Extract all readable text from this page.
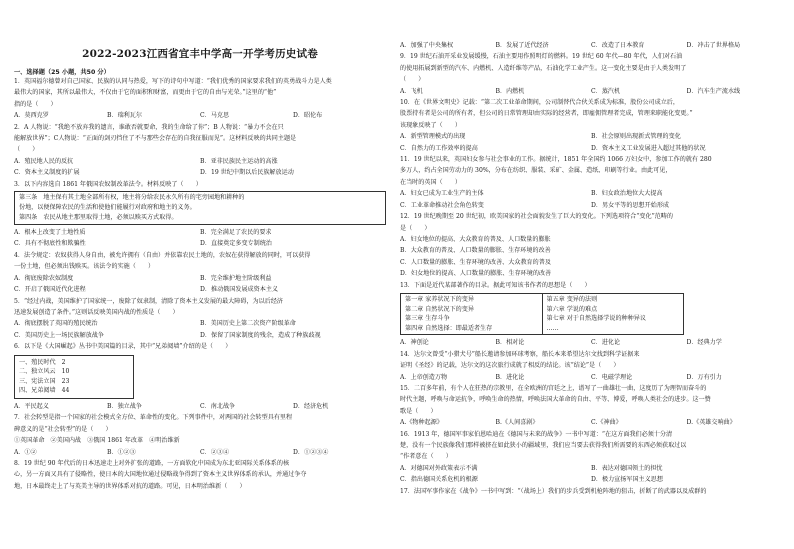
2022-2023江西省宜丰中学高一开学考历史试卷
一、选择题（25 小题，共50 分）
1．英国福尔德曾对自己国家、民族的认同与热爱，写下的诗句中写道：“我们优秀的国家要求我们的英勇战斗力是人类
最伟大的国家，其所以最伟大，不仅由于它的面积和财富，而更由于它的自由与光荣。”这里的“他”
指的是（　　）
A．莫西克罗	B．瑞利瓦尔	C．马克思	D．昭伦布
2．A 人物说：“我绝不放弃我的遗言，谁敢否就要命，我的生命给了你”；B 人物说：“暴力不会在只
能解放世界”；C人物说：“正面的剑刃挡住了不与那些会存在的自我征服而见”。这材料反映的共同主题是
（　　）
A．殖民地人民的反抗	B．亚非民族民主运动的高涨
C．资本主义制度的扩展	D．19 世纪中期以后民族解放运动
3．以下内容选自 1861 年俄国农奴制改革法令。材料反映了（　　）
第三条　地主保有其土地全部所有权，地主将分给农民永久所有的宅旁园地和耕种的
份地，以便保障农民的生活和使他们能履行对政府和地主的义务。
第四条　农民从地主那里取得土地，必须以赎买方式取得。
A．根本上改变了土地性质	B．完全满足了农民的要求
C．具有不彻底性和欺骗性	D．直接奠定多变专制统治
4．法令规定：农奴获得人身自由，被允许拥有（自由）并依靠农民土地的，农奴在获得解放的同时，可以获得
一份土地，但必须出钱赎买。该法令的实施（　　）
A．彻底废除农奴制度	B．完全维护地主阶级利益
C．开启了俄国近代化进程	D．推动俄国发展成资本主义
5．“经过内战，美国维护了国家统一，废除了奴隶制，清除了资本主义发展的最大障碍，为以后经济
迅速发展创造了条件。”这则话反映美国内战的性质是（　　）
A．彻底摆脱了英国的殖民统治	B．美国历史上第二次资产阶级革命
C．美国历史上一场民族解放战争	D．保留了国家制度的残余，造成了种族歧视
6．以下是《大国崛起》丛书中美国篇的目录，其中“兄弟阋墙”介绍的是（　　）
一、殖民时代　2
二、独立风云　10
三、宪法立国　23
四、兄弟阋墙　44
A．平民起义	B．独立战争	C．南北战争	D．经济危机
7．社会转型是指一个国家的社会模式全方位、革命性的变化。下列事件中，对两国的社会转型具有里程
碑意义的是“社会转型”的是（　　）
①英国革命　②美国内战　③俄国 1861 年改革　④明治维新
A．①②	B．①②③	C．②③④	D．①②③④
8．19 世纪 90 年代后的日本迅速走上对外扩张的道路，一方面软化中国成为东北亚国际关系体系的核
心，另一方面又具有了侵略性，使日本的大国地位通过侵略战争得到了资本主义世界体系的承认，并通过争夺
地，日本最终走上了与英美主导的世界体系对抗的道路。可见，日本明治维新（　　）
A．加强了中央集权	B．发展了近代经济	C．改造了日本教育	D．冲击了世界格局
9．19 世纪石油开采业发展缓慢，石油主要用作照明灯的燃料。19 世纪 60 年代—80 年代，人们对石油
的使用拓展到新型的汽车、内燃机、人造纤维等产品，石油化学工业产生。这一变化主要是由于人类发明了
（　　）
A．飞机	B．内燃机	C．蒸汽机	D．汽车生产流水线
10．在《世界文明史》记载：“第二次工业革命期间，公司制替代合伙关系成为标准，股份公司成立后，
股票持有者是公司的所有者，但公司的日常管理却由实际的经营者，即雇佣管理者完成，管理来职能化变更。”
该现象反映了（　　）
A．新型管理模式的出现	B．社会原则出现新式管理的变化
C．自然力的工作效率的提高	D．资本主义工业发展进入超过其他的状况
11．19 世纪以来，英国妇女参与社会事业的工作。据统计，1851 年全国约 1066 万妇女中，参加工作的就有 280
多万人，约占全国劳动力的 30%，分布在纺织、服装、采矿、金属、造纸、印刷等行业。由此可见，
在当时的英国（　　）
A．妇女已成为工业生产的主体	B．妇女政治地位大大提高
C．工业革命推动社会角色转变	D．男女平等的思想开始形成
12．19 世纪晚期至 20 世纪初，欧美国家的社会面貌发生了巨大的变化。下列选项符合“变化”范畴的
是（　　）
A．妇女地位的提高、大众教育的普及、人口数量的膨胀
B．大众教育的普及、人口数量的膨胀、生存环境的改善
C．人口数量的膨胀、生存环境的改善、大众教育的普及
D．妇女地位的提高、人口数量的膨胀、生存环境的改善
13．下面是近代某部著作的目录。据此可知该书作者的思想是（　　）
第一章 家养状况下的变异
第二章 自然状况下的变异
第三章 生存斗争
第四章 自然选择：即最适者生存
第五章 变异的法则
第六章 学说的难点
第七章 对于自然选择学说的种种异议
……
A．神创论	B．相对论	C．进化论	D．经典力学
14．达尔文曾受“小猎犬号”船长邀请参加环球考察，船长本来希望达尔文找到科学证据来
证明《圣经》的记载，达尔文的这次旅行成就了相反的结论。该“结论”是（　　）
A．上帝创造万物	B．进化论	C．电磁学理论	D．万有引力
15．二百多年前，有个人在狂热的宗教里，在全欧洲的宫廷之上，谱写了一曲雄壮一曲，这度历了为理智而奋斗的
时代主题，呼唤与命运抗争，呼唤生命的热情，呼唤法国大革命的自由、平等、博爱，呼唤人类社会的进步。这一赞
歌是（　　）
A.《物种起源》	B.《人间喜剧》	C.《神曲》	D.《英雄交响曲》
16．1913 年，德国军事家伯恩哈迪在《德国与未来的战争》一书中写道：“在这方面我们必须十分清
楚，没有一个民族像我们那样被挤在如此狭小的疆域里，我们应当要去获得我们所需要的东西必须获取过以
“作者意在（　　）
A．对德国对外政策表示不满	B．表达对德国领土的担忧
C．指出德国关系危机的根源	D．极力宣扬军国主义思想
17．法国军事作家在《战争》一书中写到：“（战场上）我们的步兵受到机枪阵地的狙击，折断了的武器以及成群的
